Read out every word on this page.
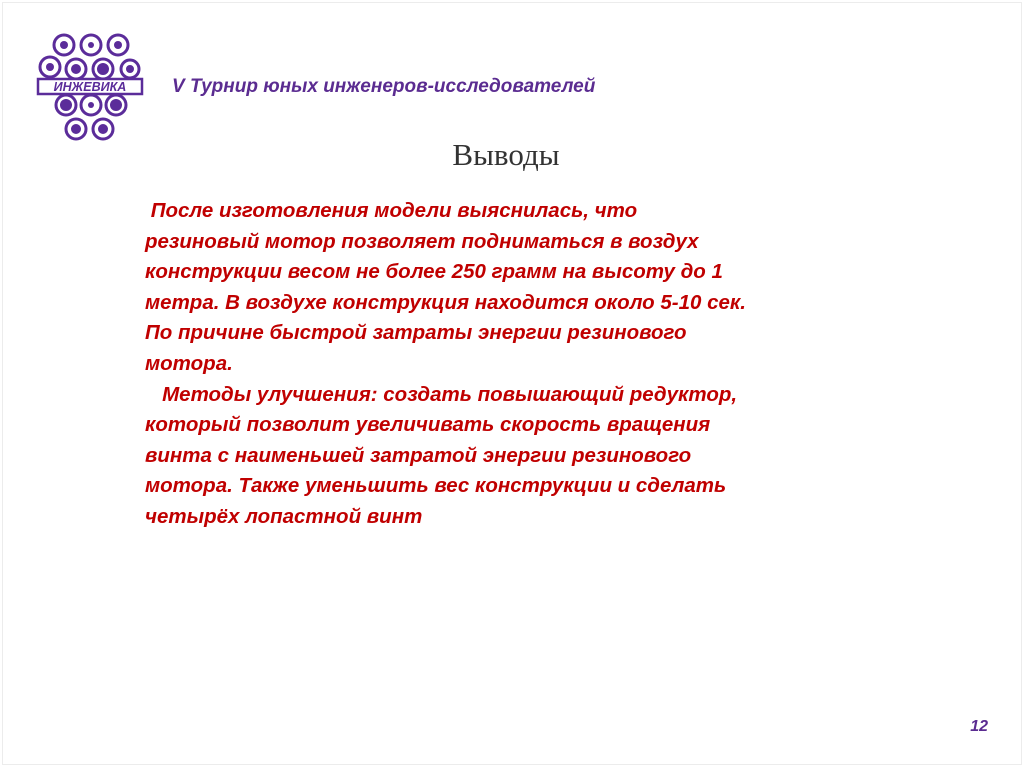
ИНЖЕВИКА V Турнир юных инженеров-исследователей
Выводы
После изготовления модели выяснилась, что
резиновый мотор позволяет подниматься в воздух
конструкции весом не более 250 грамм на высоту до 1
метра. В воздухе конструкция находится около 5-10 сек.
По причине быстрой затраты энергии резинового
мотора.
Методы улучшения: создать повышающий редуктор,
который позволит увеличивать скорость вращения
винта с наименьшей затратой энергии резинового
мотора. Также уменьшить вес конструкции и сделать
четырёх лопастной винт
12
